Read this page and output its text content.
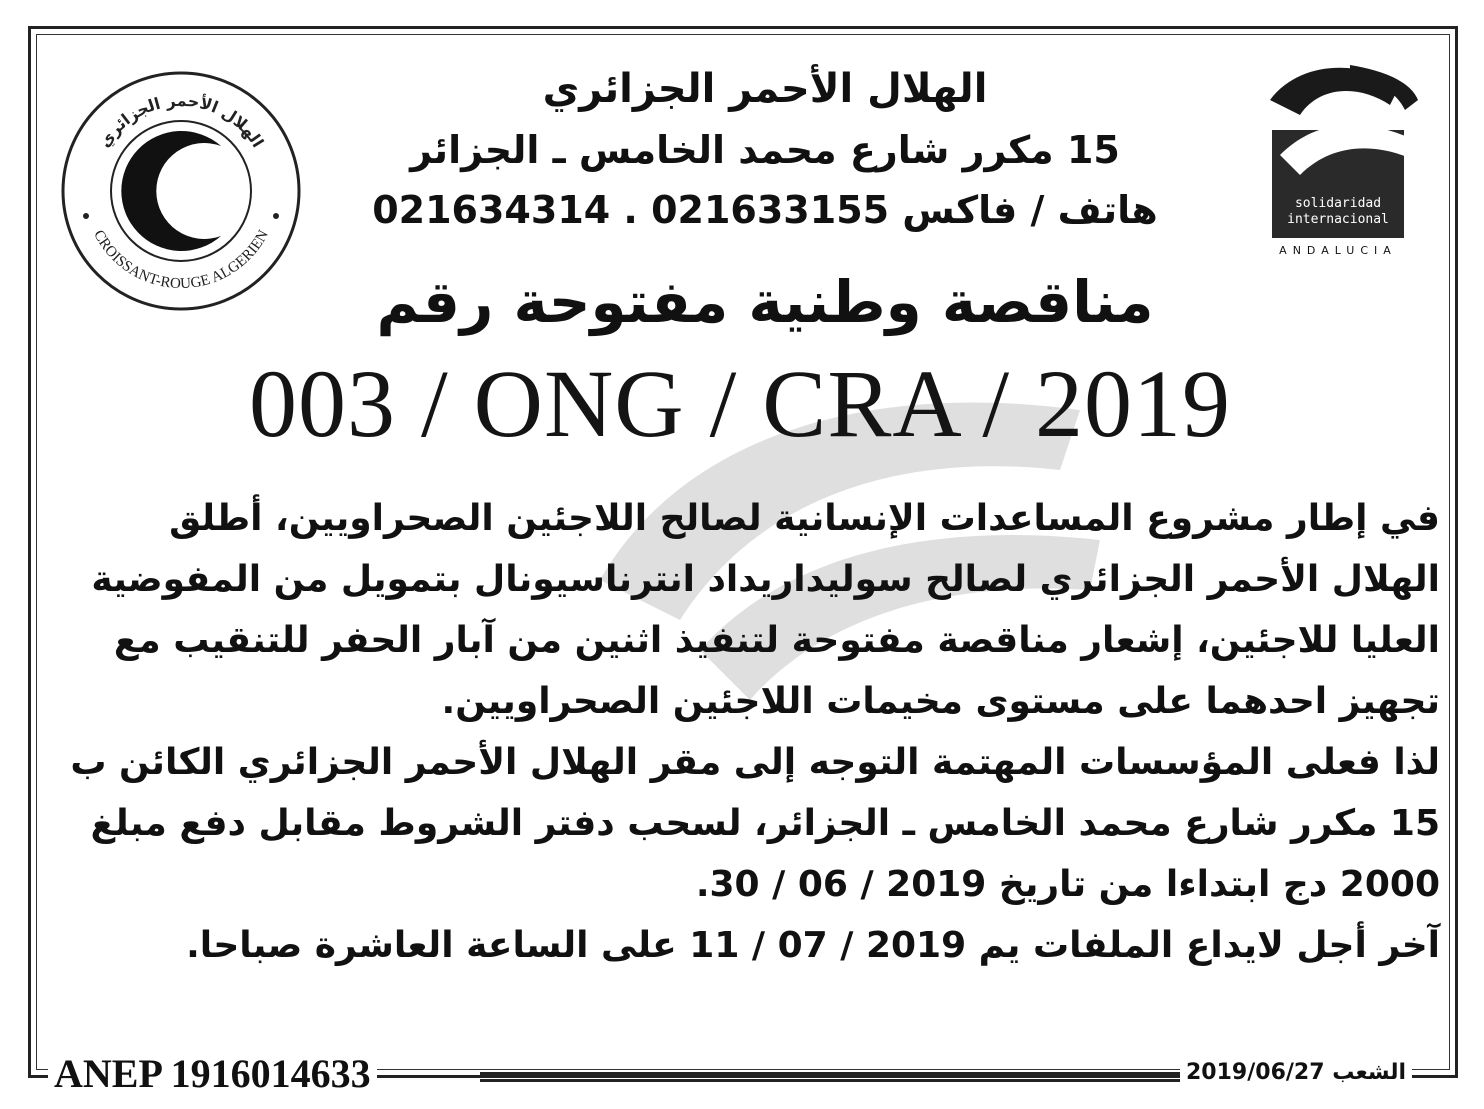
الهلال الأحمر الجزائري
CROISSANT-ROUGE ALGERIEN
solidaridad
internacional
ANDALUCIA
الهلال الأحمر الجزائري
15 مكرر شارع محمد الخامس ـ الجزائر
هاتف / فاكس 021633155 . 021634314
مناقصة وطنية مفتوحة رقم
003 / ONG / CRA / 2019

في إطار مشروع المساعدات الإنسانية لصالح اللاجئين الصحراويين، أطلق

الهلال الأحمر الجزائري لصالح سوليداريداد انترناسيونال بتمويل من المفوضية

العليا للاجئين، إشعار مناقصة مفتوحة لتنفيذ اثنين من آبار الحفر للتنقيب مع

تجهيز احدهما على مستوى مخيمات اللاجئين الصحراويين.

لذا فعلى المؤسسات المهتمة التوجه إلى مقر الهلال الأحمر الجزائري الكائن ب

15 مكرر شارع محمد الخامس ـ الجزائر، لسحب دفتر الشروط مقابل دفع مبلغ

2000 دج ابتداءا من تاريخ 2019 / 06 / 30.

آخر أجل لايداع الملفات يم 2019 / 07 / 11 على الساعة العاشرة صباحا.

ANEP 1916014633	الشعب 2019/06/27
